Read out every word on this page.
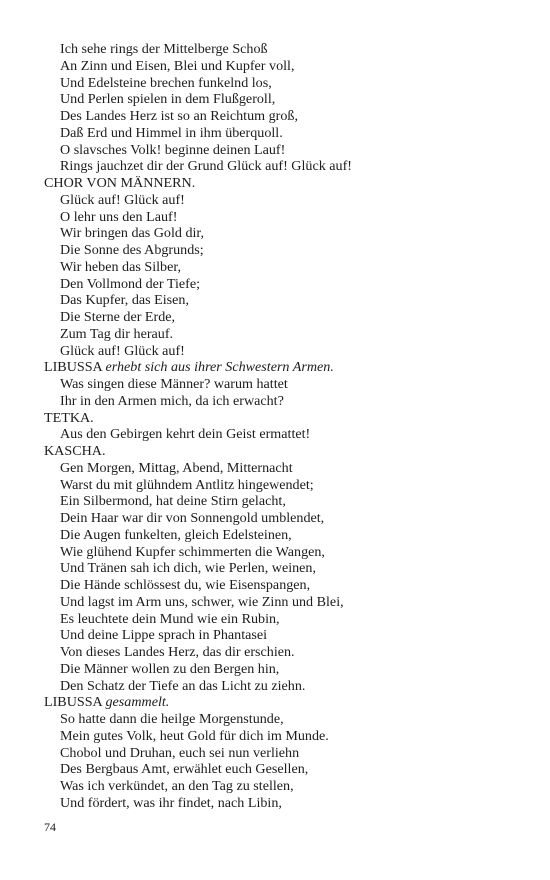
Ich sehe rings der Mittelberge Schoß
An Zinn und Eisen, Blei und Kupfer voll,
Und Edelsteine brechen funkelnd los,
Und Perlen spielen in dem Flußgeroll,
Des Landes Herz ist so an Reichtum groß,
Daß Erd und Himmel in ihm überquoll.
O slavsches Volk! beginne deinen Lauf!
Rings jauchzet dir der Grund Glück auf! Glück auf!
CHOR VON MÄNNERN.
Glück auf! Glück auf!
O lehr uns den Lauf!
Wir bringen das Gold dir,
Die Sonne des Abgrunds;
Wir heben das Silber,
Den Vollmond der Tiefe;
Das Kupfer, das Eisen,
Die Sterne der Erde,
Zum Tag dir herauf.
Glück auf! Glück auf!
LIBUSSA erhebt sich aus ihrer Schwestern Armen.
Was singen diese Männer? warum hattet
Ihr in den Armen mich, da ich erwacht?
TETKA.
Aus den Gebirgen kehrt dein Geist ermattet!
KASCHA.
Gen Morgen, Mittag, Abend, Mitternacht
Warst du mit glühndem Antlitz hingewendet;
Ein Silbermond, hat deine Stirn gelacht,
Dein Haar war dir von Sonnengold umblendet,
Die Augen funkelten, gleich Edelsteinen,
Wie glühend Kupfer schimmerten die Wangen,
Und Tränen sah ich dich, wie Perlen, weinen,
Die Hände schlössest du, wie Eisenspangen,
Und lagst im Arm uns, schwer, wie Zinn und Blei,
Es leuchtete dein Mund wie ein Rubin,
Und deine Lippe sprach in Phantasei
Von dieses Landes Herz, das dir erschien.
Die Männer wollen zu den Bergen hin,
Den Schatz der Tiefe an das Licht zu ziehn.
LIBUSSA gesammelt.
So hatte dann die heilge Morgenstunde,
Mein gutes Volk, heut Gold für dich im Munde.
Chobol und Druhan, euch sei nun verliehn
Des Bergbaus Amt, erwählet euch Gesellen,
Was ich verkündet, an den Tag zu stellen,
Und fördert, was ihr findet, nach Libin,
74
